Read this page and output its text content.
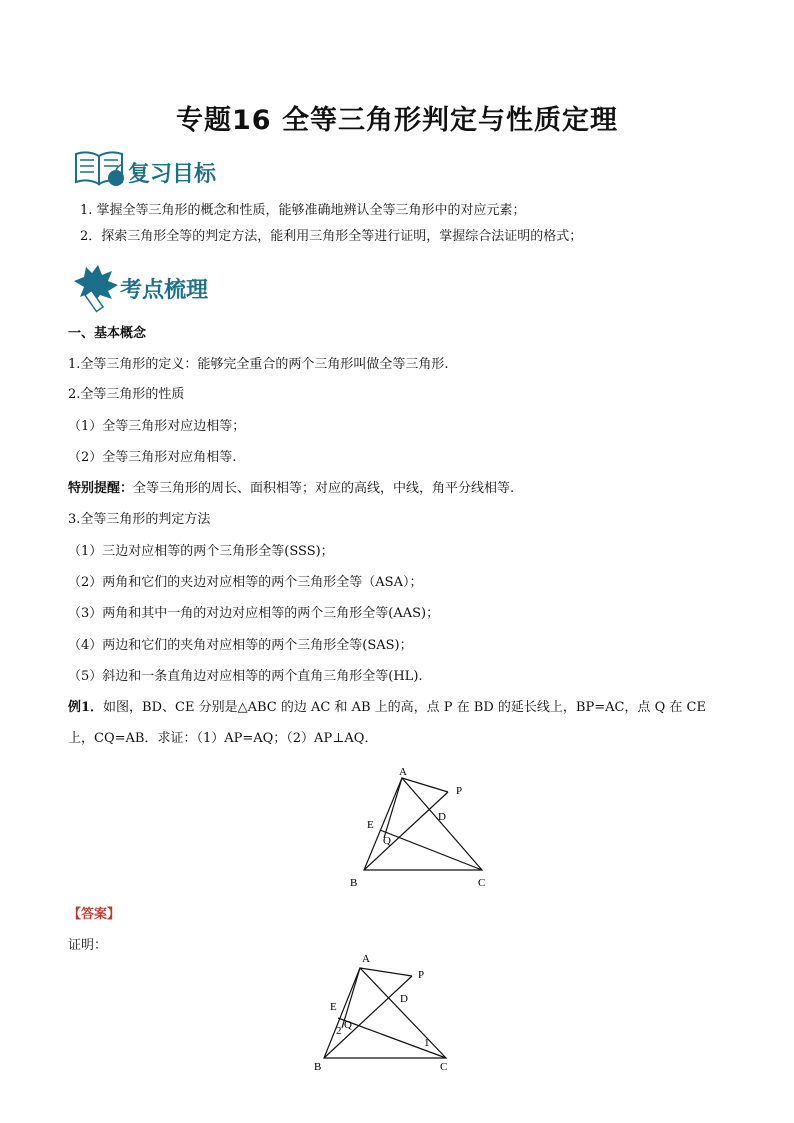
专题16 全等三角形判定与性质定理
复习目标
1. 掌握全等三角形的概念和性质，能够准确地辨认全等三角形中的对应元素；
2．探索三角形全等的判定方法，能利用三角形全等进行证明，掌握综合法证明的格式；
考点梳理
一、基本概念
1.全等三角形的定义：能够完全重合的两个三角形叫做全等三角形.
2.全等三角形的性质
（1）全等三角形对应边相等；
（2）全等三角形对应角相等.
特别提醒：全等三角形的周长、面积相等；对应的高线，中线，角平分线相等.
3.全等三角形的判定方法
（1）三边对应相等的两个三角形全等(SSS)；
（2）两角和它们的夹边对应相等的两个三角形全等（ASA）；
（3）两角和其中一角的对边对应相等的两个三角形全等(AAS)；
（4）两边和它们的夹角对应相等的两个三角形全等(SAS)；
（5）斜边和一条直角边对应相等的两个直角三角形全等(HL).
例1．如图，BD、CE 分别是△ABC 的边 AC 和 AB 上的高，点 P 在 BD 的延长线上，BP=AC，点 Q 在 CE
上，CQ=AB．求证：（1）AP=AQ；（2）AP⊥AQ．
A
P
D
E
Q
B	C
【答案】
证明：
A
P
D
E
Q
2
1
B	C
